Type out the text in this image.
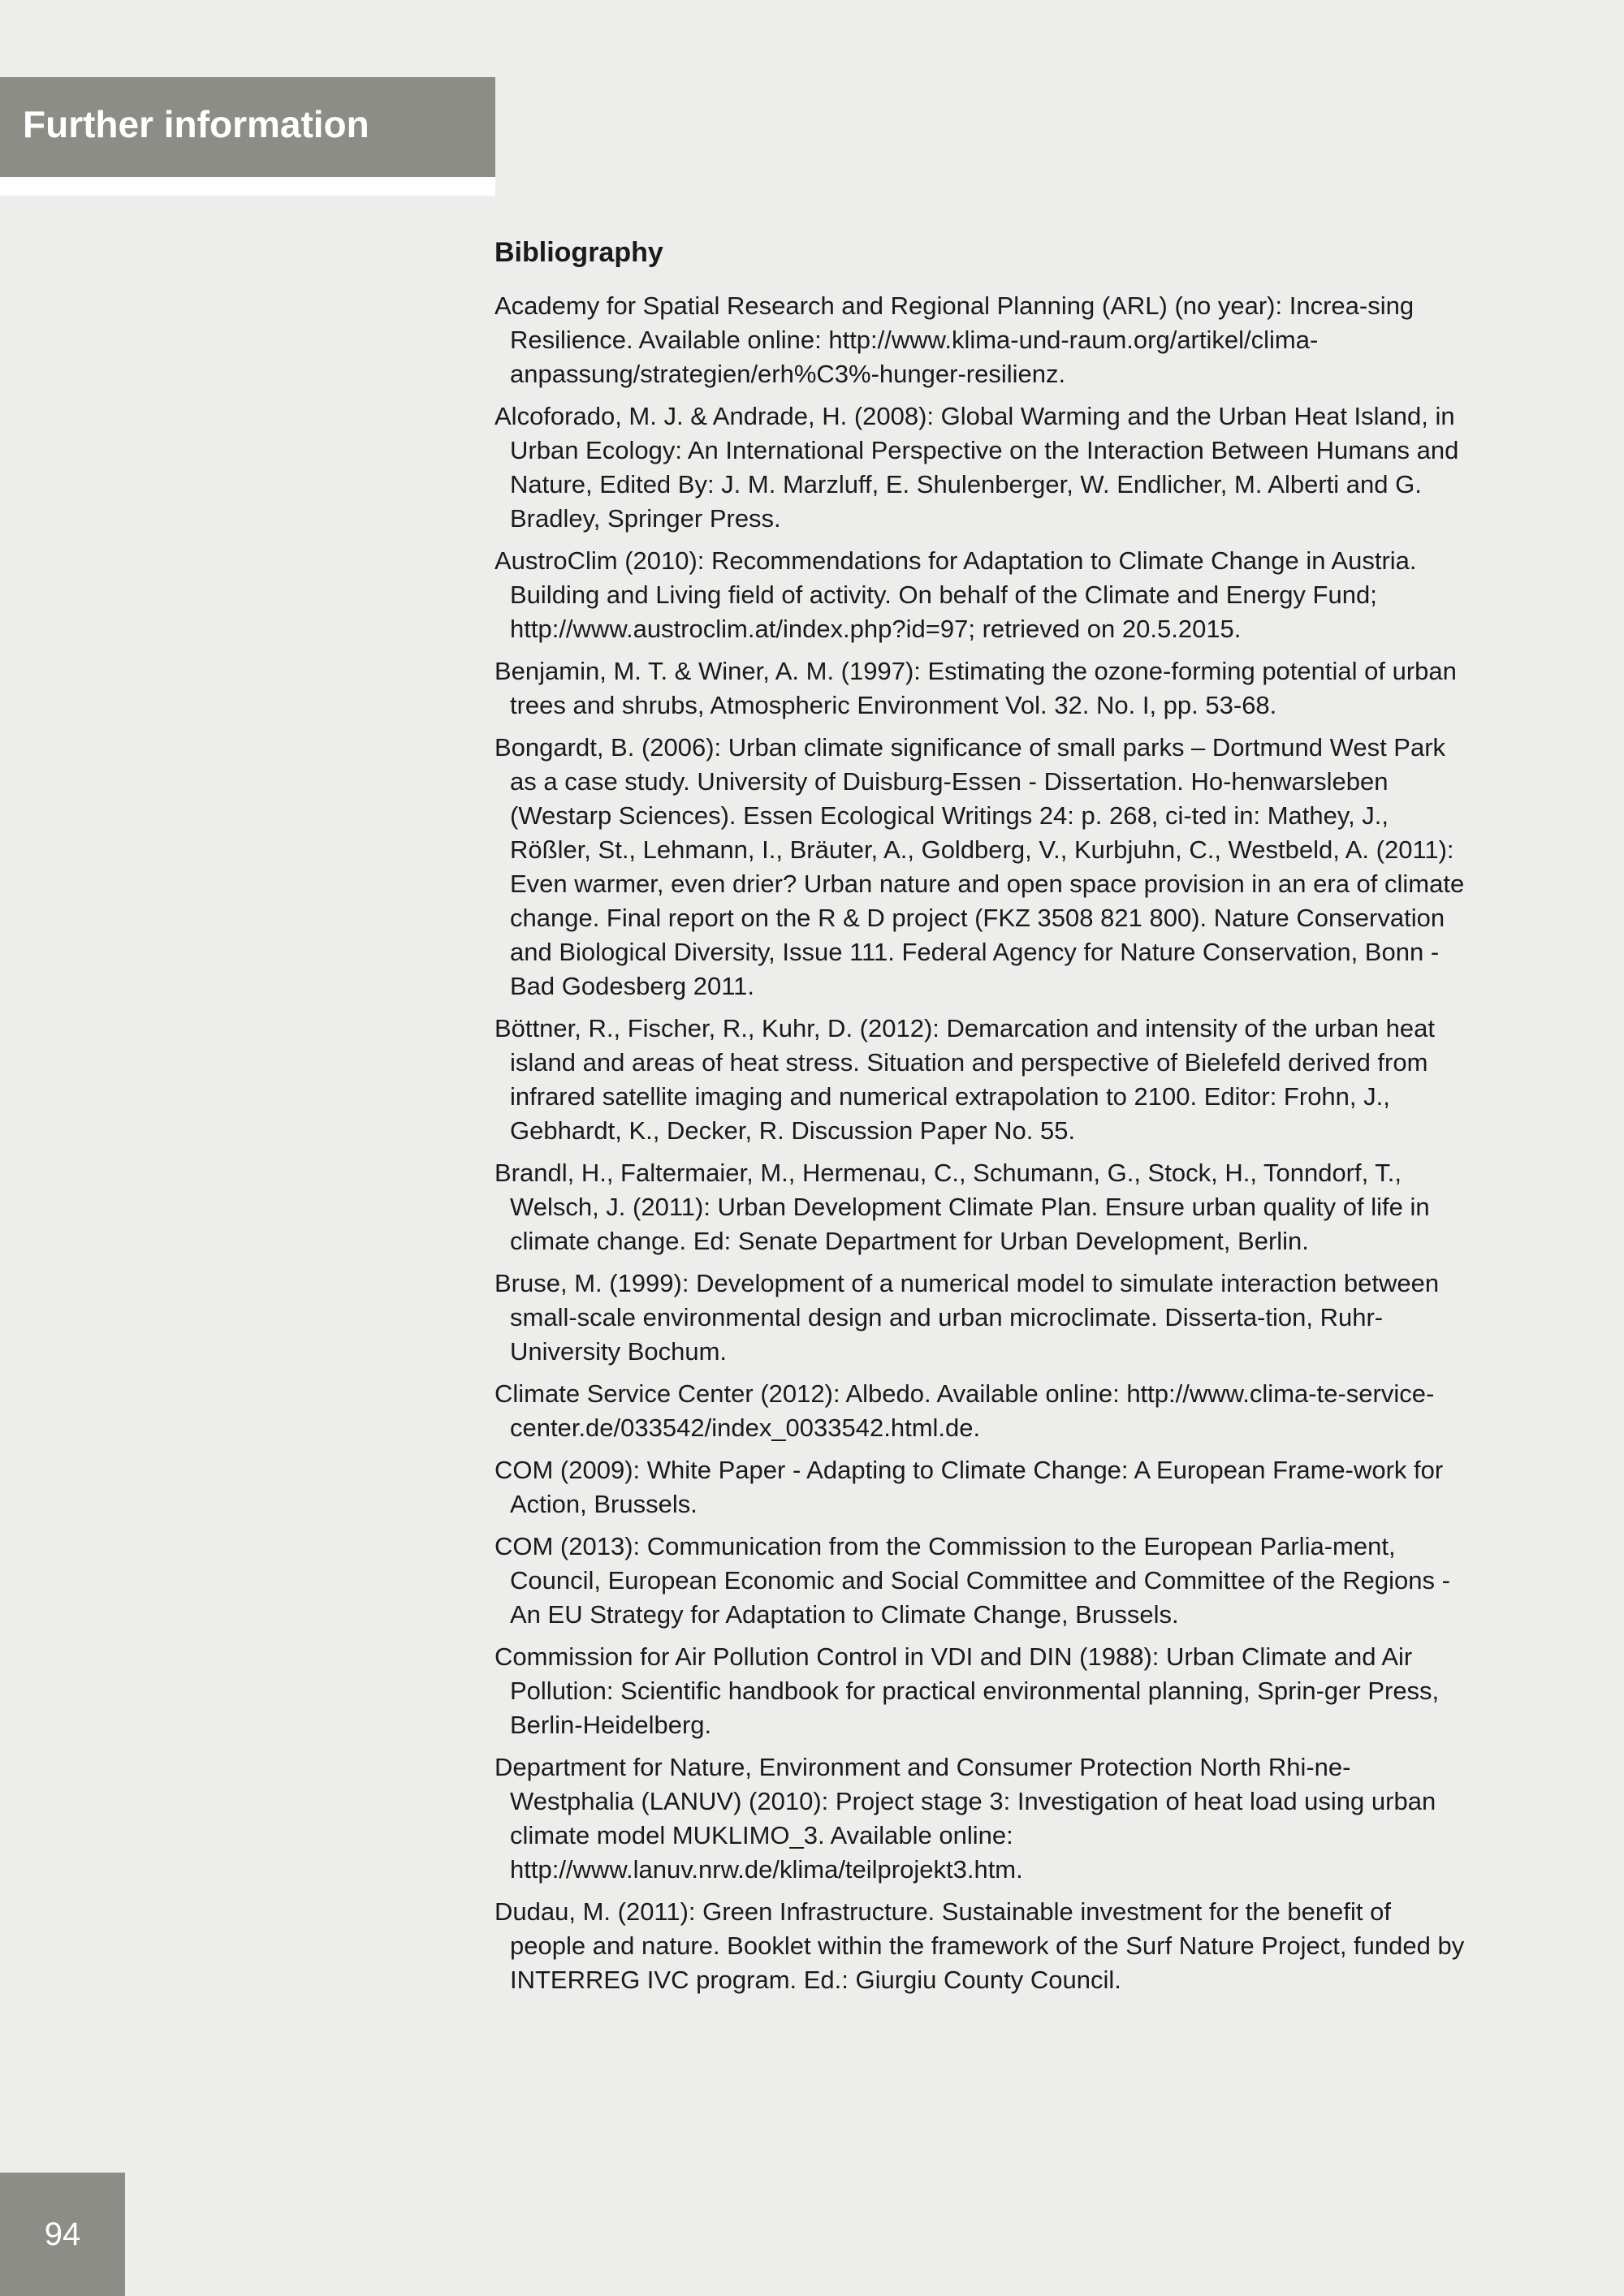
Further information
Bibliography
Academy for Spatial Research and Regional Planning (ARL) (no year): Increa-sing Resilience. Available online: http://www.klima-und-raum.org/artikel/clima-anpassung/strategien/erh%C3%-hunger-resilienz.
Alcoforado, M. J. & Andrade, H. (2008): Global Warming and the Urban Heat Island, in Urban Ecology: An International Perspective on the Interaction Between Humans and Nature, Edited By: J. M. Marzluff, E. Shulenberger, W. Endlicher, M. Alberti and G. Bradley, Springer Press.
AustroClim (2010): Recommendations for Adaptation to Climate Change in Austria. Building and Living field of activity. On behalf of the Climate and Energy Fund; http://www.austroclim.at/index.php?id=97; retrieved on 20.5.2015.
Benjamin, M. T. & Winer, A. M. (1997): Estimating the ozone-forming potential of urban trees and shrubs, Atmospheric Environment Vol. 32. No. I, pp. 53-68.
Bongardt, B. (2006): Urban climate significance of small parks – Dortmund West Park as a case study. University of Duisburg-Essen - Dissertation. Ho-henwarsleben (Westarp Sciences). Essen Ecological Writings 24: p. 268, ci-ted in: Mathey, J., Rößler, St., Lehmann, I., Bräuter, A., Goldberg, V., Kurbjuhn, C., Westbeld, A. (2011): Even warmer, even drier? Urban nature and open space provision in an era of climate change. Final report on the R & D project (FKZ 3508 821 800). Nature Conservation and Biological Diversity, Issue 111. Federal Agency for Nature Conservation, Bonn - Bad Godesberg 2011.
Böttner, R., Fischer, R., Kuhr, D. (2012): Demarcation and intensity of the urban heat island and areas of heat stress. Situation and perspective of Bielefeld derived from infrared satellite imaging and numerical extrapolation to 2100. Editor: Frohn, J., Gebhardt, K., Decker, R. Discussion Paper No. 55.
Brandl, H., Faltermaier, M., Hermenau, C., Schumann, G., Stock, H., Tonndorf, T., Welsch, J. (2011): Urban Development Climate Plan. Ensure urban quality of life in climate change. Ed: Senate Department for Urban Development, Berlin.
Bruse, M. (1999): Development of a numerical model to simulate interaction between small-scale environmental design and urban microclimate. Disserta-tion, Ruhr-University Bochum.
Climate Service Center (2012): Albedo. Available online: http://www.clima-te-service-center.de/033542/index_0033542.html.de.
COM (2009): White Paper - Adapting to Climate Change: A European Frame-work for Action, Brussels.
COM (2013): Communication from the Commission to the European Parlia-ment, Council, European Economic and Social Committee and Committee of the Regions - An EU Strategy for Adaptation to Climate Change, Brussels.
Commission for Air Pollution Control in VDI and DIN (1988): Urban Climate and Air Pollution: Scientific handbook for practical environmental planning, Sprin-ger Press, Berlin-Heidelberg.
Department for Nature, Environment and Consumer Protection North Rhi-ne-Westphalia (LANUV) (2010): Project stage 3: Investigation of heat load using urban climate model MUKLIMO_3. Available online: http://www.lanuv.nrw.de/klima/teilprojekt3.htm.
Dudau, M. (2011): Green Infrastructure. Sustainable investment for the benefit of people and nature. Booklet within the framework of the Surf Nature Project, funded by INTERREG IVC program. Ed.: Giurgiu County Council.
94
